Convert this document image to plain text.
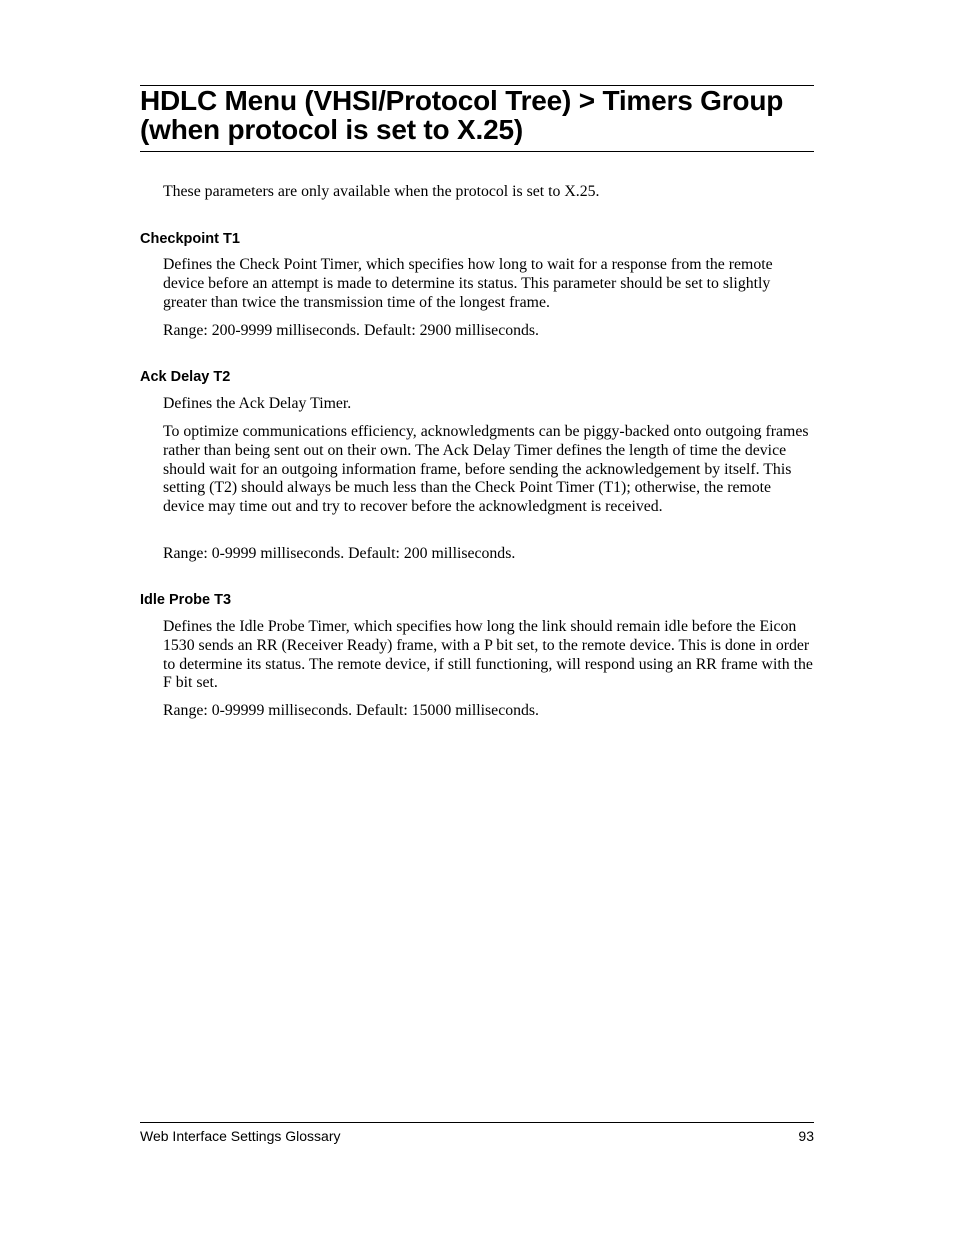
HDLC Menu (VHSI/Protocol Tree) > Timers Group (when protocol is set to X.25)

These parameters are only available when the protocol is set to X.25.

Checkpoint T1

Defines the Check Point Timer, which specifies how long to wait for a response from the remote device before an attempt is made to determine its status. This parameter should be set to slightly greater than twice the transmission time of the longest frame.

Range: 200-9999 milliseconds. Default: 2900 milliseconds.

Ack Delay T2

Defines the Ack Delay Timer.

To optimize communications efficiency, acknowledgments can be piggy-backed onto outgoing frames rather than being sent out on their own. The Ack Delay Timer defines the length of time the device should wait for an outgoing information frame, before sending the acknowledgement by itself. This setting (T2) should always be much less than the Check Point Timer (T1); otherwise, the remote device may time out and try to recover before the acknowledgment is received.

Range: 0-9999 milliseconds. Default: 200 milliseconds.

Idle Probe T3

Defines the Idle Probe Timer, which specifies how long the link should remain idle before the Eicon 1530 sends an RR (Receiver Ready) frame, with a P bit set, to the remote device. This is done in order to determine its status. The remote device, if still functioning, will respond using an RR frame with the F bit set.

Range: 0-99999 milliseconds. Default: 15000 milliseconds.

Web Interface Settings Glossary	93
